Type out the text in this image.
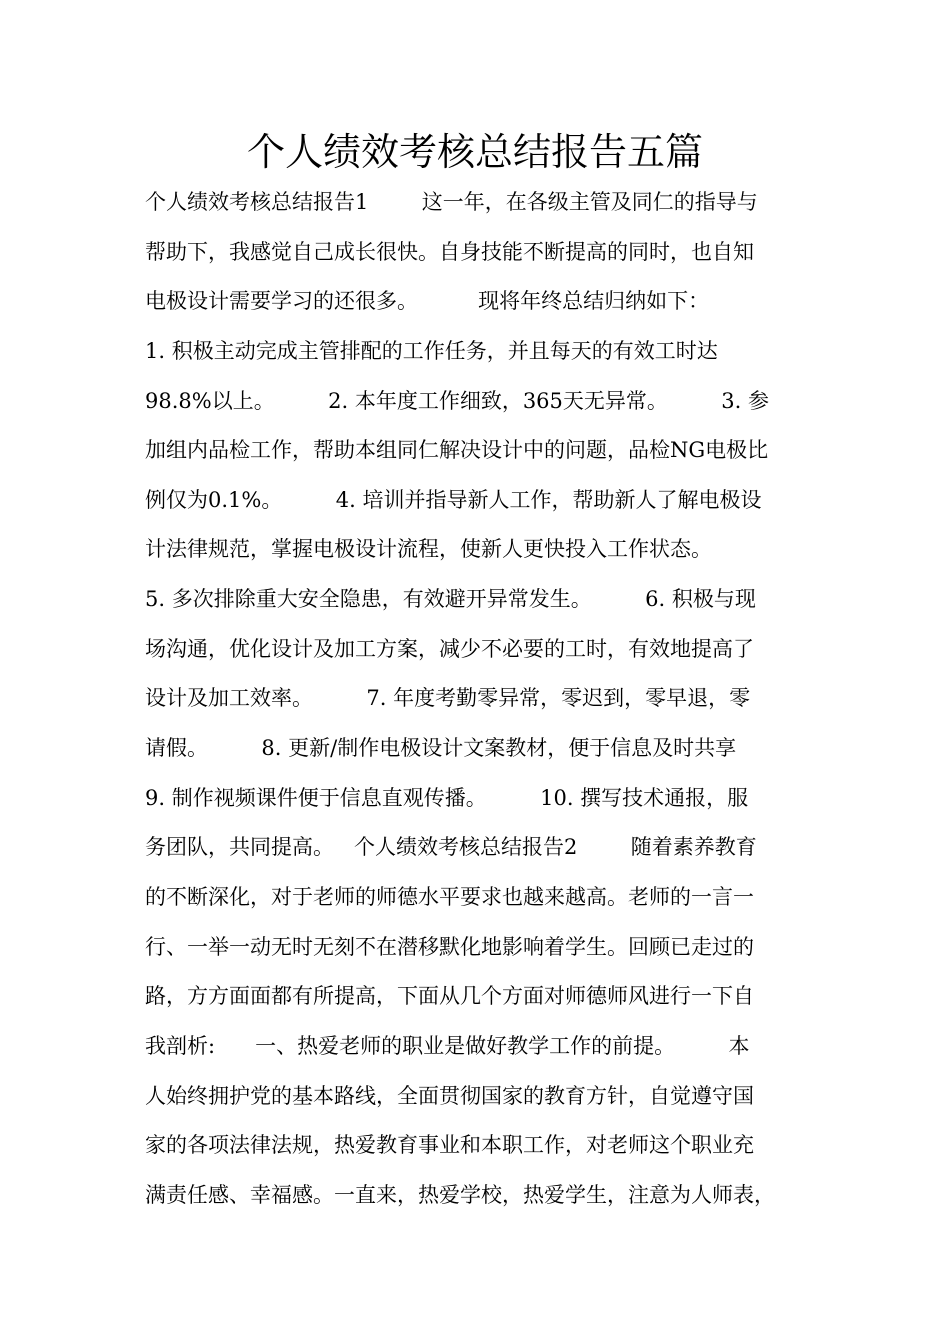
个人绩效考核总结报告五篇
个人绩效考核总结报告1        这一年，在各级主管及同仁的指导与
帮助下，我感觉自己成长很快。自身技能不断提高的同时，也自知
电极设计需要学习的还很多。         现将年终总结归纳如下：
1. 积极主动完成主管排配的工作任务，并且每天的有效工时达
98.8%以上。        2. 本年度工作细致，365天无异常。        3. 参
加组内品检工作，帮助本组同仁解决设计中的问题，品检NG电极比
例仅为0.1%。        4. 培训并指导新人工作，帮助新人了解电极设
计法律规范，掌握电极设计流程，使新人更快投入工作状态。
5. 多次排除重大安全隐患，有效避开异常发生。        6. 积极与现
场沟通，优化设计及加工方案，减少不必要的工时，有效地提高了
设计及加工效率。        7. 年度考勤零异常，零迟到，零早退，零
请假。        8. 更新/制作电极设计文案教材，便于信息及时共享
9. 制作视频课件便于信息直观传播。        10. 撰写技术通报，服
务团队，共同提高。   个人绩效考核总结报告2        随着素养教育
的不断深化，对于老师的师德水平要求也越来越高。老师的一言一
行、一举一动无时无刻不在潜移默化地影响着学生。回顾已走过的
路，方方面面都有所提高，下面从几个方面对师德师风进行一下自
我剖析:      一、热爱老师的职业是做好教学工作的前提。        本
人始终拥护党的基本路线，全面贯彻国家的教育方针，自觉遵守国
家的各项法律法规，热爱教育事业和本职工作，对老师这个职业充
满责任感、幸福感。一直来，热爱学校，热爱学生，注意为人师表，
